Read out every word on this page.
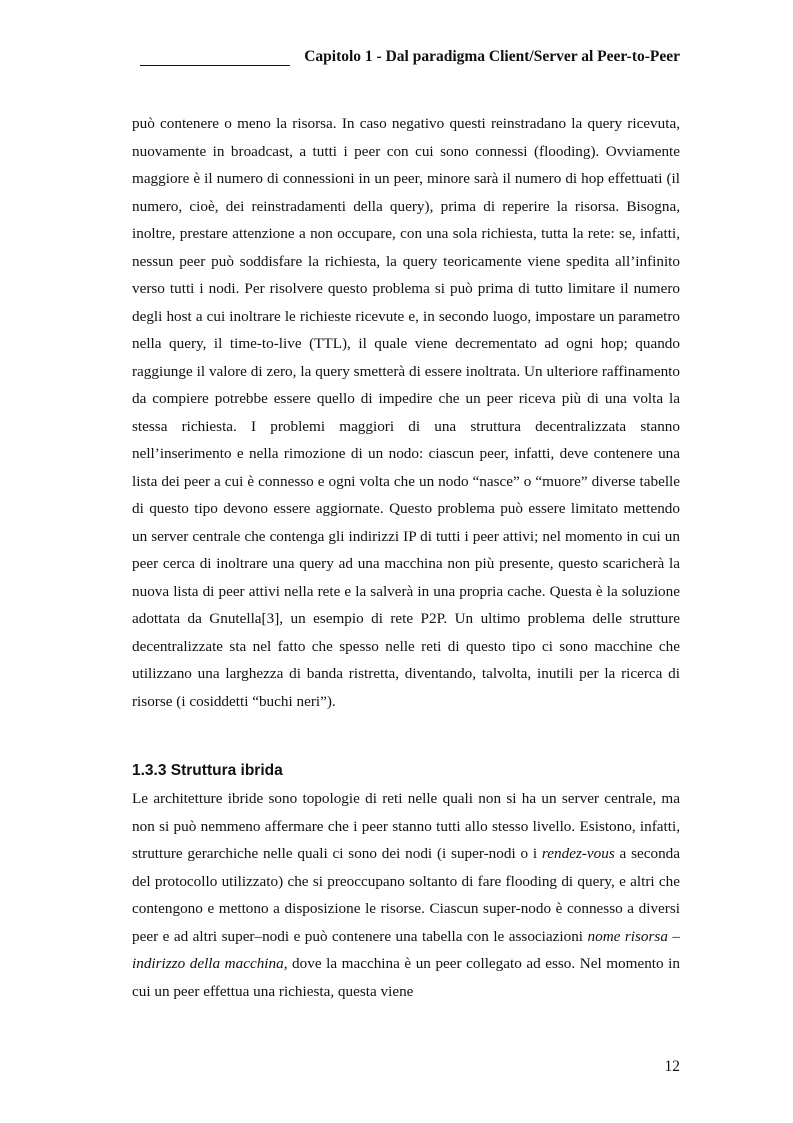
Capitolo 1 - Dal paradigma Client/Server al Peer-to-Peer

può contenere o meno la risorsa. In caso negativo questi reinstradano la query ricevuta, nuovamente in broadcast, a tutti i peer con cui sono connessi (flooding). Ovviamente maggiore è il numero di connessioni in un peer, minore sarà il numero di hop effettuati (il numero, cioè, dei reinstradamenti della query), prima di reperire la risorsa. Bisogna, inoltre, prestare attenzione a non occupare, con una sola richiesta, tutta la rete: se, infatti, nessun peer può soddisfare la richiesta, la query teoricamente viene spedita all’infinito verso tutti i nodi. Per risolvere questo problema si può prima di tutto limitare il numero degli host a cui inoltrare le richieste ricevute e, in secondo luogo, impostare un parametro nella query, il time-to-live (TTL), il quale viene decrementato ad ogni hop; quando raggiunge il valore di zero, la query smetterà di essere inoltrata. Un ulteriore raffinamento da compiere potrebbe essere quello di impedire che un peer riceva più di una volta la stessa richiesta. I problemi maggiori di una struttura decentralizzata stanno nell’inserimento e nella rimozione di un nodo: ciascun peer, infatti, deve contenere una lista dei peer a cui è connesso e ogni volta che un nodo “nasce” o “muore” diverse tabelle di questo tipo devono essere aggiornate. Questo problema può essere limitato mettendo un server centrale che contenga gli indirizzi IP di tutti i peer attivi; nel momento in cui un peer cerca di inoltrare una query ad una macchina non più presente, questo scaricherà la nuova lista di peer attivi nella rete e la salverà in una propria cache. Questa è la soluzione adottata da Gnutella[3], un esempio di rete P2P. Un ultimo problema delle strutture decentralizzate sta nel fatto che spesso nelle reti di questo tipo ci sono macchine che utilizzano una larghezza di banda ristretta, diventando, talvolta, inutili per la ricerca di risorse (i cosiddetti “buchi neri”).

1.3.3 Struttura ibrida

Le architetture ibride sono topologie di reti nelle quali non si ha un server centrale, ma non si può nemmeno affermare che i peer stanno tutti allo stesso livello. Esistono, infatti, strutture gerarchiche nelle quali ci sono dei nodi (i super-nodi o i rendez-vous a seconda del protocollo utilizzato) che si preoccupano soltanto di fare flooding di query, e altri che contengono e mettono a disposizione le risorse. Ciascun super-nodo è connesso a diversi peer e ad altri super–nodi e può contenere una tabella con le associazioni nome risorsa – indirizzo della macchina, dove la macchina è un peer collegato ad esso. Nel momento in cui un peer effettua una richiesta, questa viene

12
